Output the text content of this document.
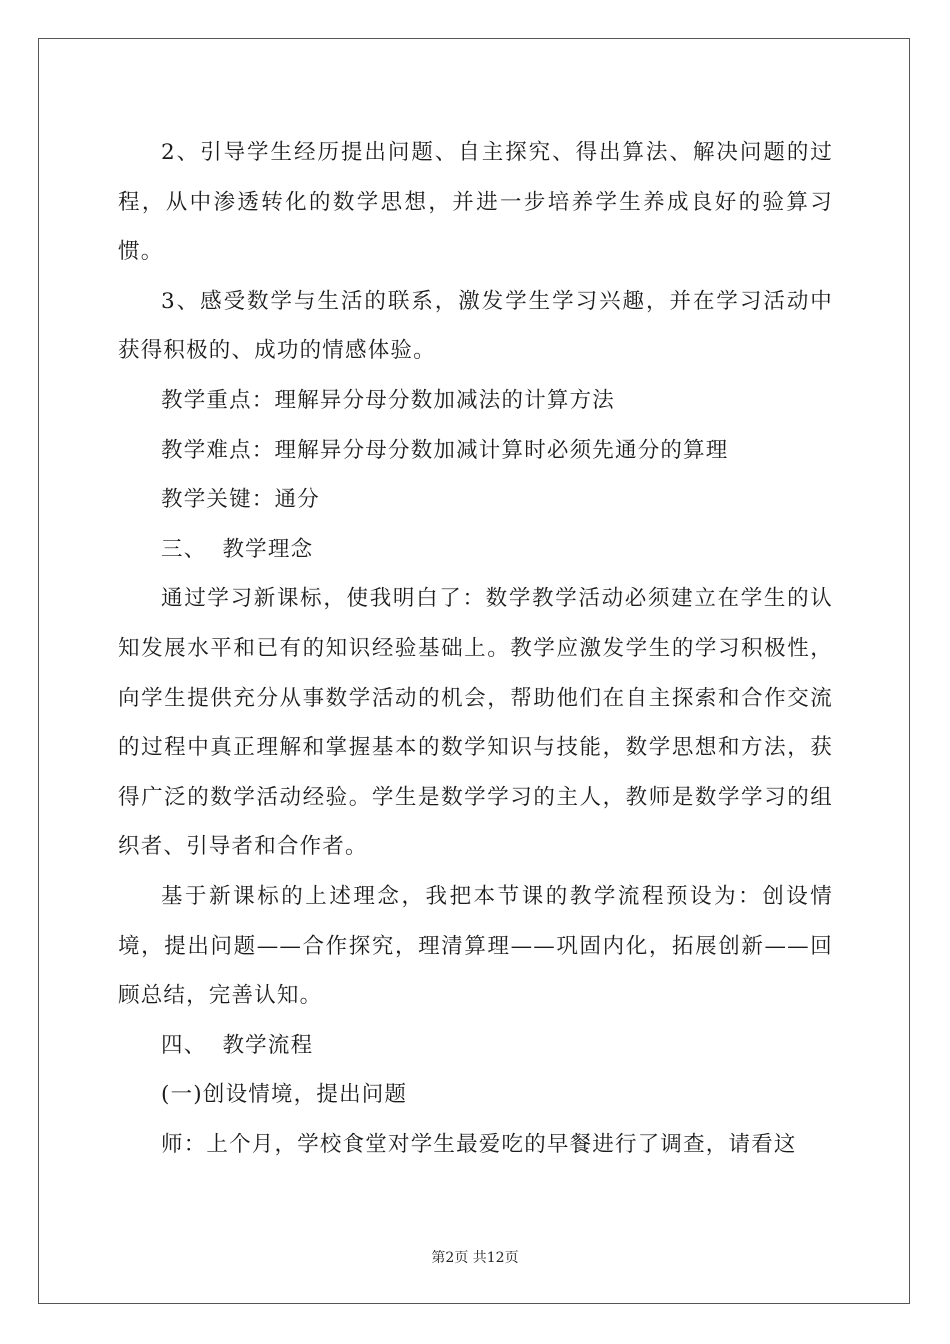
2、引导学生经历提出问题、自主探究、得出算法、解决问题的过程，从中渗透转化的数学思想，并进一步培养学生养成良好的验算习惯。

3、感受数学与生活的联系，激发学生学习兴趣，并在学习活动中获得积极的、成功的情感体验。

教学重点：理解异分母分数加减法的计算方法

教学难点：理解异分母分数加减计算时必须先通分的算理

教学关键：通分

三、  教学理念

通过学习新课标，使我明白了：数学教学活动必须建立在学生的认知发展水平和已有的知识经验基础上。教学应激发学生的学习积极性，向学生提供充分从事数学活动的机会，帮助他们在自主探索和合作交流的过程中真正理解和掌握基本的数学知识与技能，数学思想和方法，获得广泛的数学活动经验。学生是数学学习的主人，教师是数学学习的组织者、引导者和合作者。

基于新课标的上述理念，我把本节课的教学流程预设为：创设情境，提出问题——合作探究，理清算理——巩固内化，拓展创新——回顾总结，完善认知。

四、  教学流程

(一)创设情境，提出问题

师：上个月，学校食堂对学生最爱吃的早餐进行了调查，请看这

第2页 共12页
